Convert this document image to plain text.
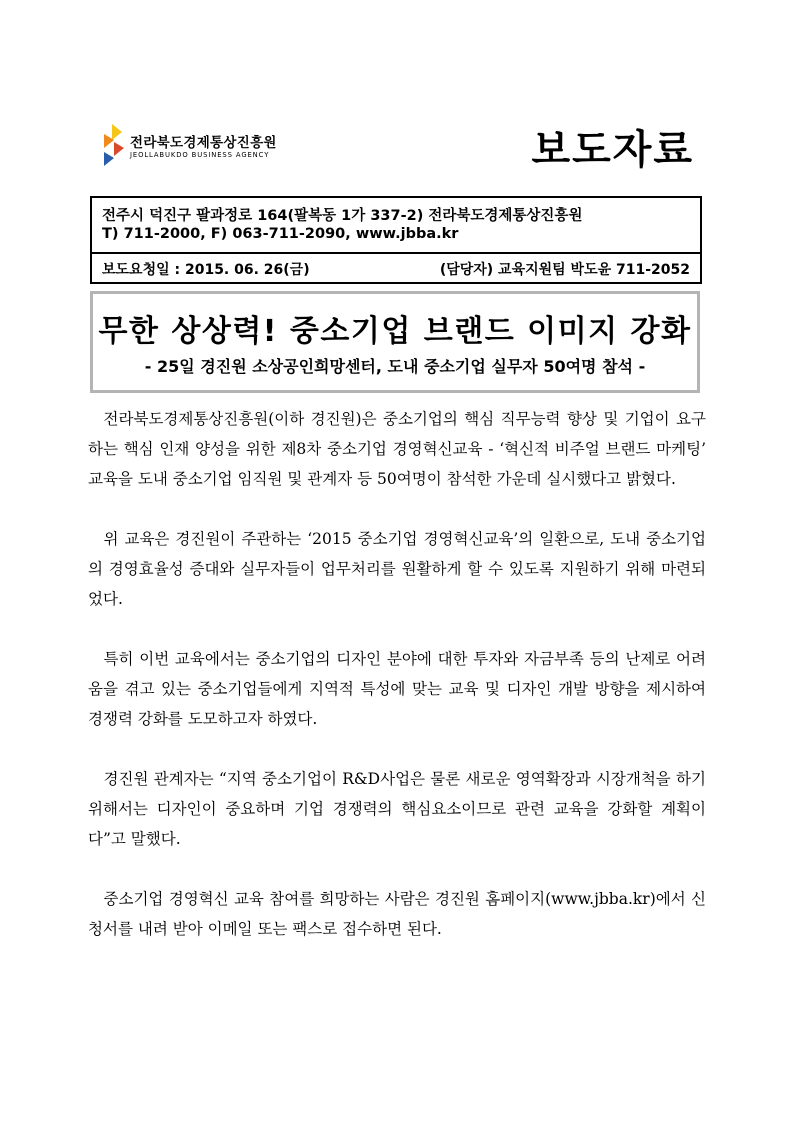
전라북도경제통상진흥원
JEOLLABUKDO BUSINESS AGENCY	보도자료
전주시 덕진구 팔과정로 164(팔복동 1가 337-2) 전라북도경제통상진흥원
T) 711-2000, F) 063-711-2090, www.jbba.kr
보도요청일 : 2015. 06. 26(금)	(담당자) 교육지원팀 박도윤 711-2052
무한 상상력! 중소기업 브랜드 이미지 강화
- 25일 경진원 소상공인희망센터, 도내 중소기업 실무자 50여명 참석 -

전라북도경제통상진흥원(이하 경진원)은 중소기업의 핵심 직무능력 향상 및 기업이 요구하는 핵심 인재 양성을 위한 제8차 중소기업 경영혁신교육 - ‘혁신적 비주얼 브랜드 마케팅’ 교육을 도내 중소기업 임직원 및 관계자 등 50여명이 참석한 가운데 실시했다고 밝혔다.

위 교육은 경진원이 주관하는 ‘2015 중소기업 경영혁신교육’의 일환으로, 도내 중소기업의 경영효율성 증대와 실무자들이 업무처리를 원활하게 할 수 있도록 지원하기 위해 마련되었다.

특히 이번 교육에서는 중소기업의 디자인 분야에 대한 투자와 자금부족 등의 난제로 어려움을 겪고 있는 중소기업들에게 지역적 특성에 맞는 교육 및 디자인 개발 방향을 제시하여 경쟁력 강화를 도모하고자 하였다.

경진원 관계자는 “지역 중소기업이 R&D사업은 물론 새로운 영역확장과 시장개척을 하기 위해서는 디자인이 중요하며 기업 경쟁력의 핵심요소이므로 관련 교육을 강화할 계획이다”고 말했다.

중소기업 경영혁신 교육 참여를 희망하는 사람은 경진원 홈페이지(www.jbba.kr)에서 신청서를 내려 받아 이메일 또는 팩스로 접수하면 된다.
